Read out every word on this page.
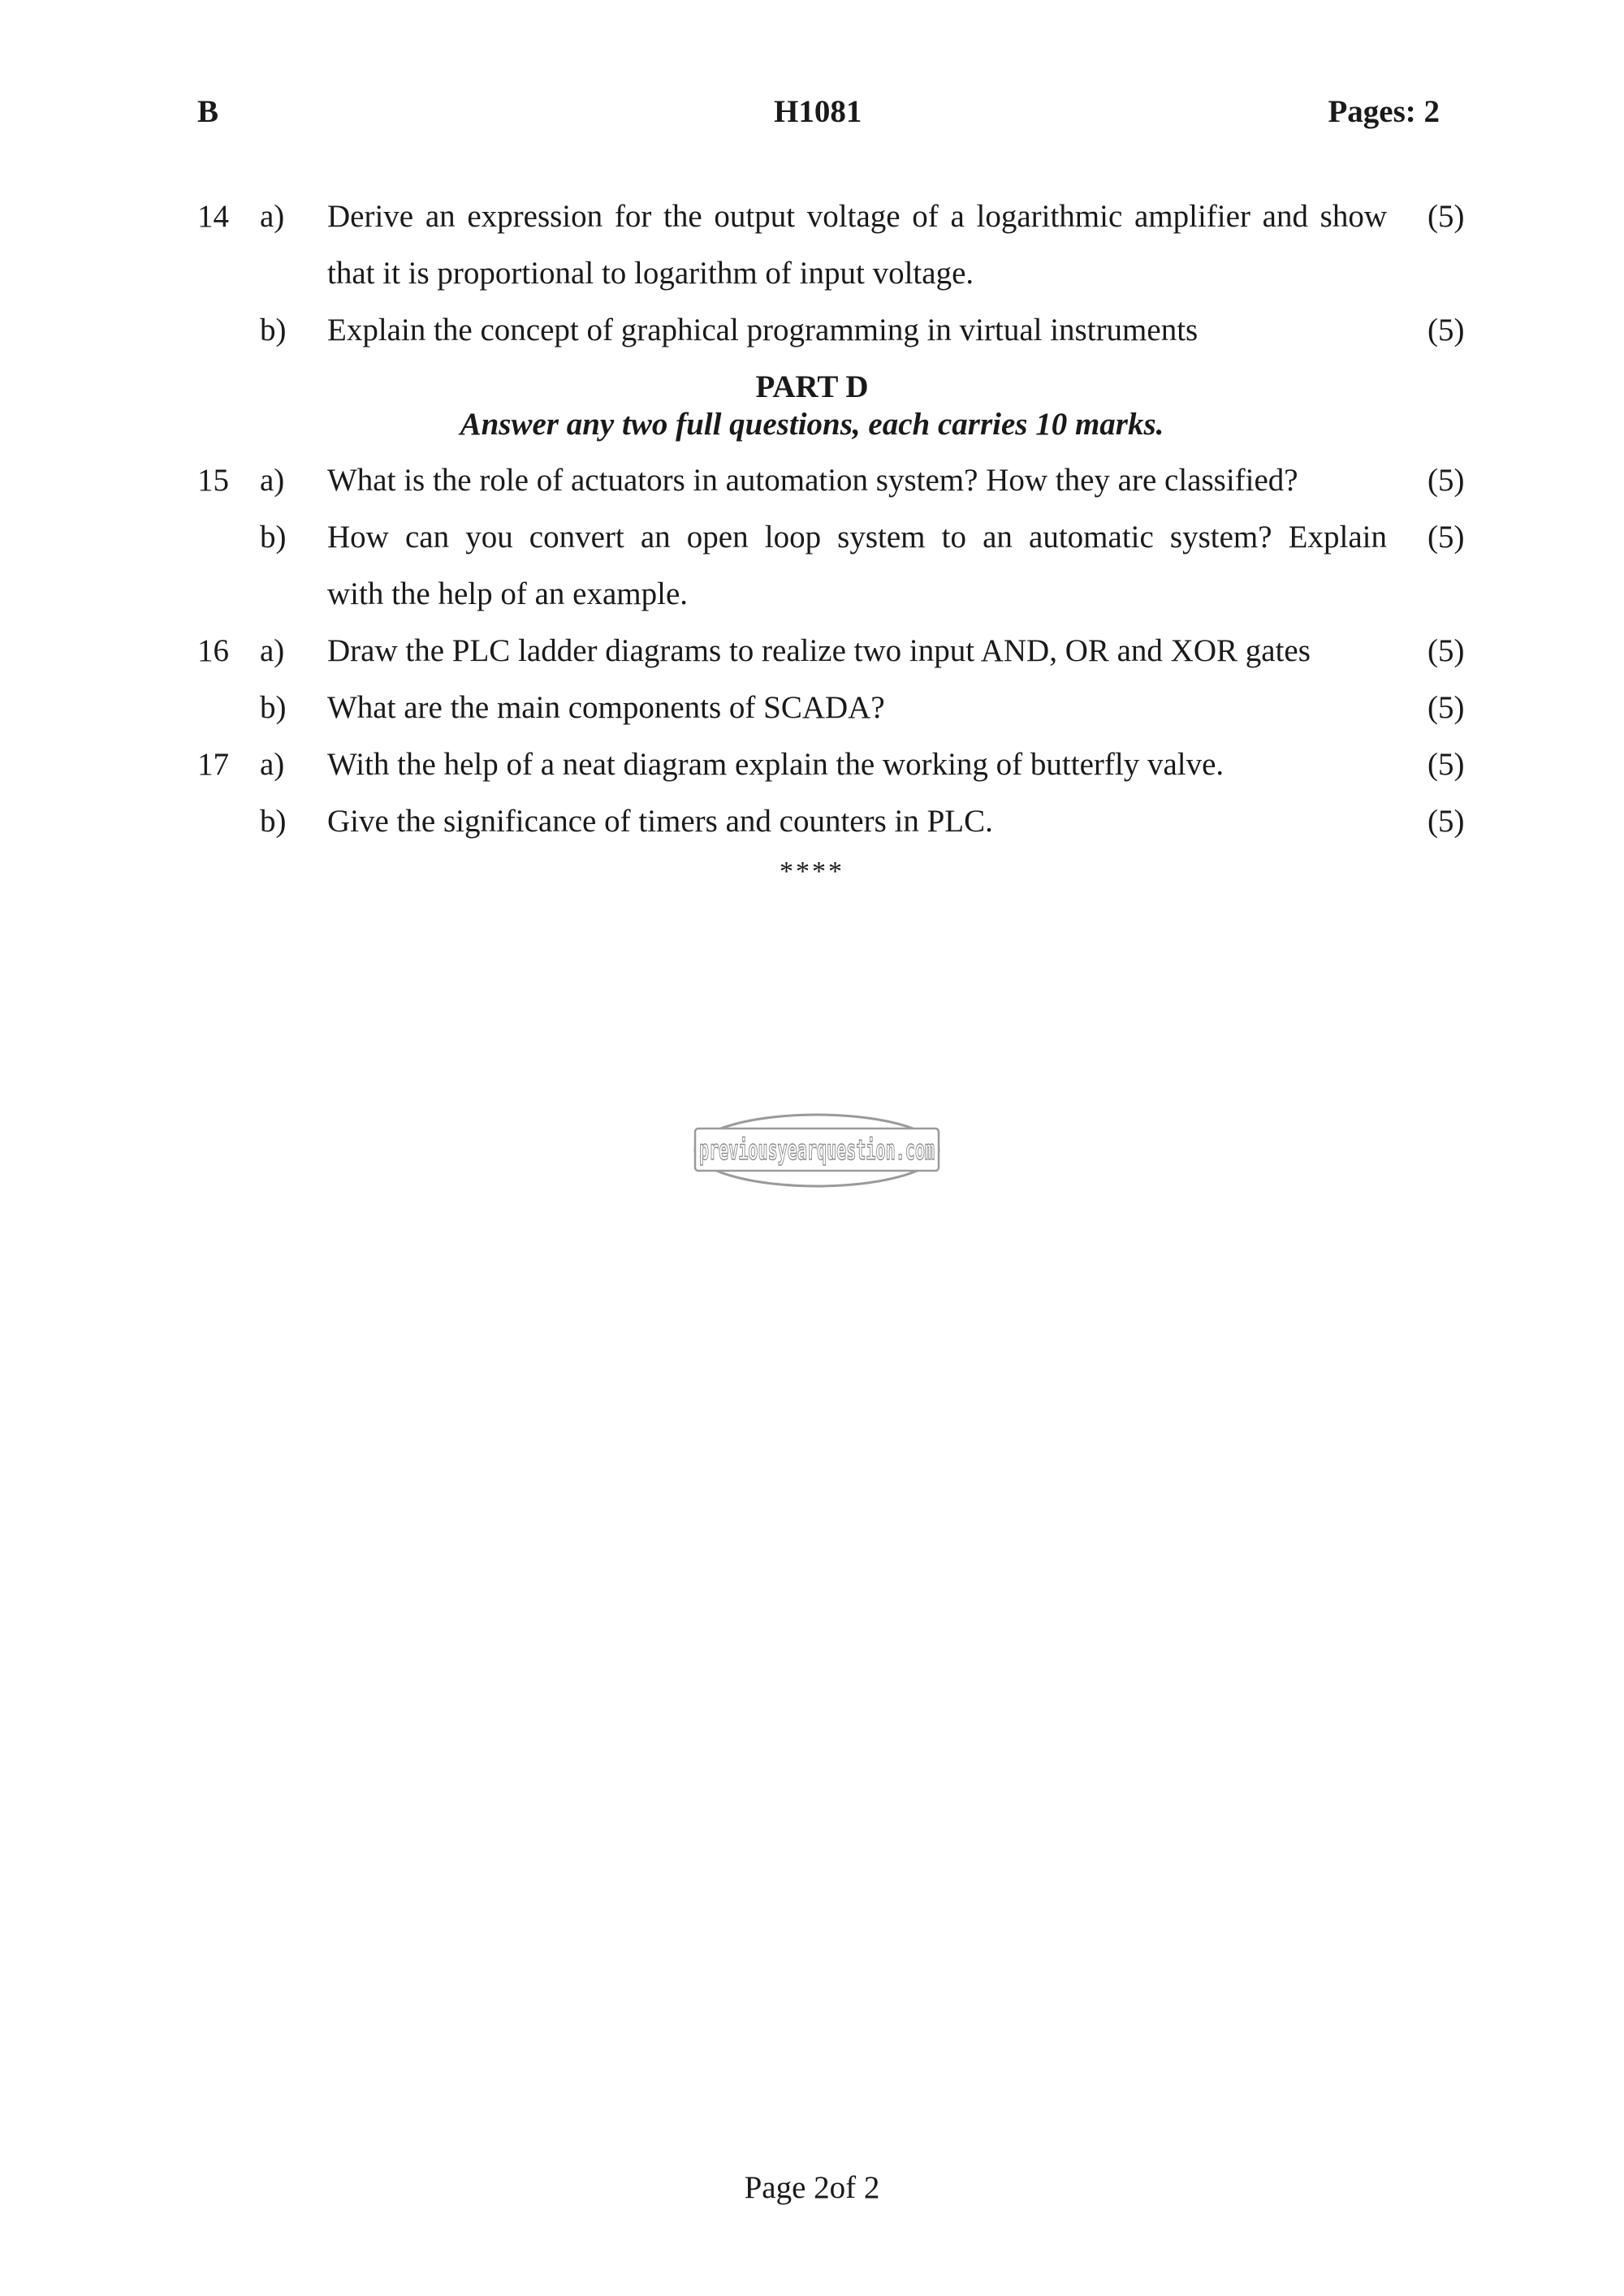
B	H1081	Pages: 2
14 a) Derive an expression for the output voltage of a logarithmic amplifier and show (5)
that it is proportional to logarithm of input voltage.
b) Explain the concept of graphical programming in virtual instruments	(5)
PART D
Answer any two full questions, each carries 10 marks.
15 a) What is the role of actuators in automation system? How they are classified?	(5)
b) How can you convert an open loop system to an automatic system? Explain (5)
with the help of an example.
16 a) Draw the PLC ladder diagrams to realize two input AND, OR and XOR gates	(5)
b) What are the main components of SCADA?	(5)
17 a) With the help of a neat diagram explain the working of butterfly valve.	(5)
b) Give the significance of timers and counters in PLC.	(5)
****
previousyearquestion.com
Page 2of 2
